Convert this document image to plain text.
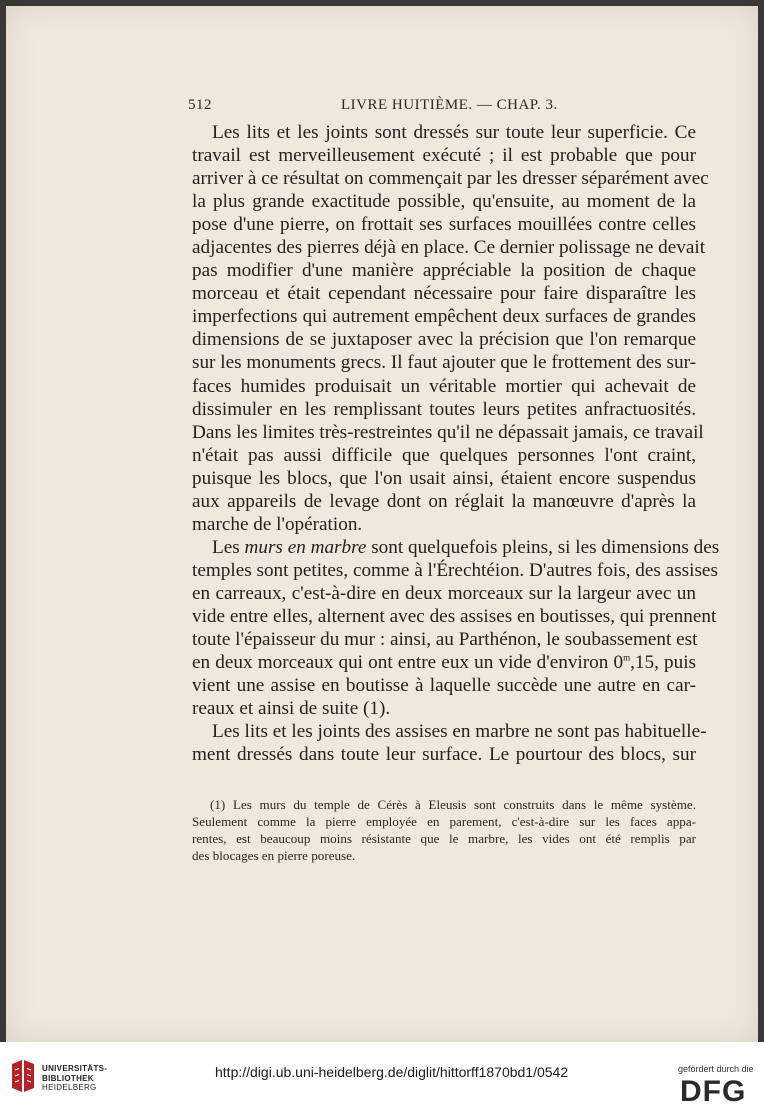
512	LIVRE HUITIÈME. — CHAP. 3.
Les lits et les joints sont dressés sur toute leur superficie. Ce
travail est merveilleusement exécuté ; il est probable que pour
arriver à ce résultat on commençait par les dresser séparément avec
la plus grande exactitude possible, qu'ensuite, au moment de la
pose d'une pierre, on frottait ses surfaces mouillées contre celles
adjacentes des pierres déjà en place. Ce dernier polissage ne devait
pas modifier d'une manière appréciable la position de chaque
morceau et était cependant nécessaire pour faire disparaître les
imperfections qui autrement empêchent deux surfaces de grandes
dimensions de se juxtaposer avec la précision que l'on remarque
sur les monuments grecs. Il faut ajouter que le frottement des sur-
faces humides produisait un véritable mortier qui achevait de
dissimuler en les remplissant toutes leurs petites anfractuosités.
Dans les limites très-restreintes qu'il ne dépassait jamais, ce travail
n'était pas aussi difficile que quelques personnes l'ont craint,
puisque les blocs, que l'on usait ainsi, étaient encore suspendus
aux appareils de levage dont on réglait la manœuvre d'après la
marche de l'opération.
Les murs en marbre sont quelquefois pleins, si les dimensions des
temples sont petites, comme à l'Érechtéion. D'autres fois, des assises
en carreaux, c'est-à-dire en deux morceaux sur la largeur avec un
vide entre elles, alternent avec des assises en boutisses, qui prennent
toute l'épaisseur du mur : ainsi, au Parthénon, le soubassement est
en deux morceaux qui ont entre eux un vide d'environ 0$^m$,15, puis
vient une assise en boutisse à laquelle succède une autre en car-
reaux et ainsi de suite (1).
Les lits et les joints des assises en marbre ne sont pas habituelle-
ment dressés dans toute leur surface. Le pourtour des blocs, sur
(1) Les murs du temple de Cérès à Eleusis sont construits dans le même système.
Seulement comme la pierre employée en parement, c'est-à-dire sur les faces appa-
rentes, est beaucoup moins résistante que le marbre, les vides ont été remplis par
des blocages en pierre poreuse.
UNIVERSITÄTS-
BIBLIOTHEK
HEIDELBERG
http://digi.ub.uni-heidelberg.de/diglit/hittorff1870bd1/0542	gefördert durch die
DFG
